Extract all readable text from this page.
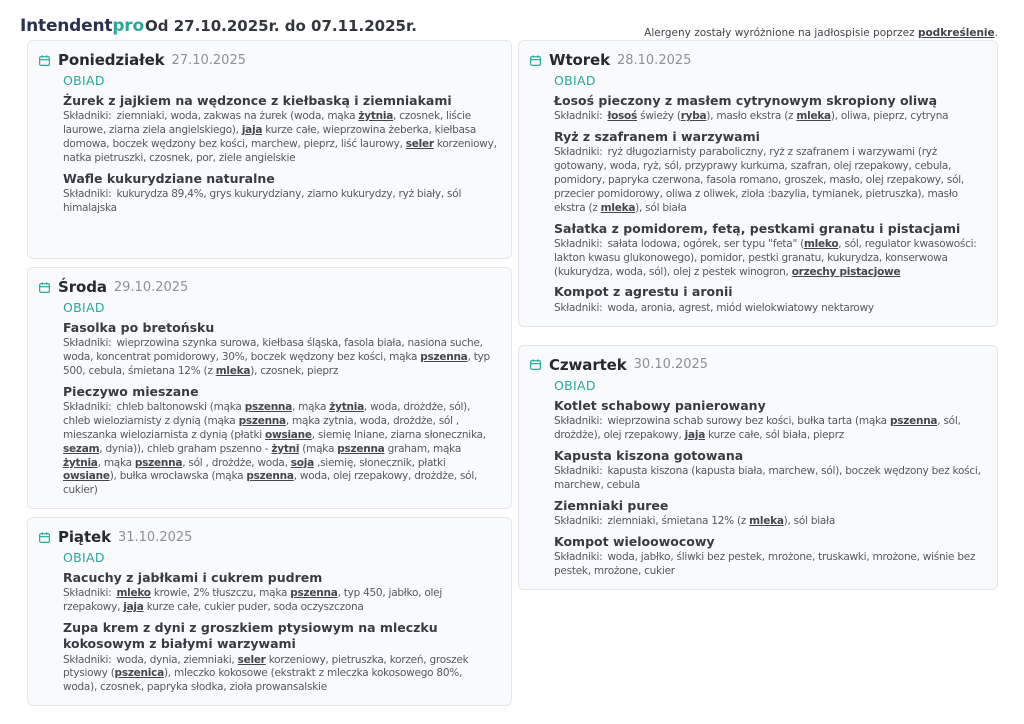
Intendentpro Od 27.10.2025r. do 07.11.2025r.	Alergeny zostały wyróżnione na jadłospisie poprzez podkreślenie.
Poniedziałek 27.10.2025
OBIAD
Żurek z jajkiem na wędzonce z kiełbaską i ziemniakami
Składniki: ziemniaki, woda, zakwas na żurek (woda, mąka żytnia, czosnek, liście laurowe, ziarna ziela angielskiego), jaja kurze całe, wieprzowina żeberka, kiełbasa domowa, boczek wędzony bez kości, marchew, pieprz, liść laurowy, seler korzeniowy, natka pietruszki, czosnek, por, ziele angielskie
Wafle kukurydziane naturalne
Składniki: kukurydza 89,4%, grys kukurydziany, ziarno kukurydzy, ryż biały, sól himalajska
Środa 29.10.2025
OBIAD
Fasolka po bretońsku
Składniki: wieprzowina szynka surowa, kiełbasa śląska, fasola biała, nasiona suche, woda, koncentrat pomidorowy, 30%, boczek wędzony bez kości, mąka pszenna, typ 500, cebula, śmietana 12% (z mleka), czosnek, pieprz
Pieczywo mieszane
Składniki: chleb baltonowski (mąka pszenna, mąka żytnia, woda, drożdże, sól), chleb wieloziarnisty z dynią (mąka pszenna, mąka zytnia, woda, drożdże, sól , mieszanka wieloziarnista z dynią (płatki owsiane, siemię lniane, ziarna słonecznika, sezam, dynia)), chleb graham pszenno - żytni (mąka pszenna graham, mąka żytnia, mąka pszenna, sól , drożdże, woda, soja ,siemię, słonecznik, płatki owsiane), bułka wrocławska (mąka pszenna, woda, olej rzepakowy, drożdże, sól, cukier)
Piątek 31.10.2025
OBIAD
Racuchy z jabłkami i cukrem pudrem
Składniki: mleko krowie, 2% tłuszczu, mąka pszenna, typ 450, jabłko, olej rzepakowy, jaja kurze całe, cukier puder, soda oczyszczona
Zupa krem z dyni z groszkiem ptysiowym na mleczku kokosowym z białymi warzywami
Składniki: woda, dynia, ziemniaki, seler korzeniowy, pietruszka, korzeń, groszek ptysiowy (pszenica), mleczko kokosowe (ekstrakt z mleczka kokosowego 80%, woda), czosnek, papryka słodka, zioła prowansalskie
Wtorek 28.10.2025
OBIAD
Łosoś pieczony z masłem cytrynowym skropiony oliwą
Składniki: łosoś świeży (ryba), masło ekstra (z mleka), oliwa, pieprz, cytryna
Ryż z szafranem i warzywami
Składniki: ryż długoziarnisty paraboliczny, ryż z szafranem i warzywami (ryż gotowany, woda, ryż, sól, przyprawy kurkuma, szafran, olej rzepakowy, cebula, pomidory, papryka czerwona, fasola romano, groszek, masło, olej rzepakowy, sól, przecier pomidorowy, oliwa z oliwek, zioła :bazylia, tymianek, pietruszka), masło ekstra (z mleka), sól biała
Sałatka z pomidorem, fetą, pestkami granatu i pistacjami
Składniki: sałata lodowa, ogórek, ser typu "feta" (mleko, sól, regulator kwasowości: lakton kwasu glukonowego), pomidor, pestki granatu, kukurydza, konserwowa (kukurydza, woda, sól), olej z pestek winogron, orzechy pistacjowe
Kompot z agrestu i aronii
Składniki: woda, aronia, agrest, miód wielokwiatowy nektarowy
Czwartek 30.10.2025
OBIAD
Kotlet schabowy panierowany
Składniki: wieprzowina schab surowy bez kości, bułka tarta (mąka pszenna, sól, drożdże), olej rzepakowy, jaja kurze całe, sól biała, pieprz
Kapusta kiszona gotowana
Składniki: kapusta kiszona (kapusta biała, marchew, sól), boczek wędzony bez kości, marchew, cebula
Ziemniaki puree
Składniki: ziemniaki, śmietana 12% (z mleka), sól biała
Kompot wieloowocowy
Składniki: woda, jabłko, śliwki bez pestek, mrożone, truskawki, mrożone, wiśnie bez pestek, mrożone, cukier
